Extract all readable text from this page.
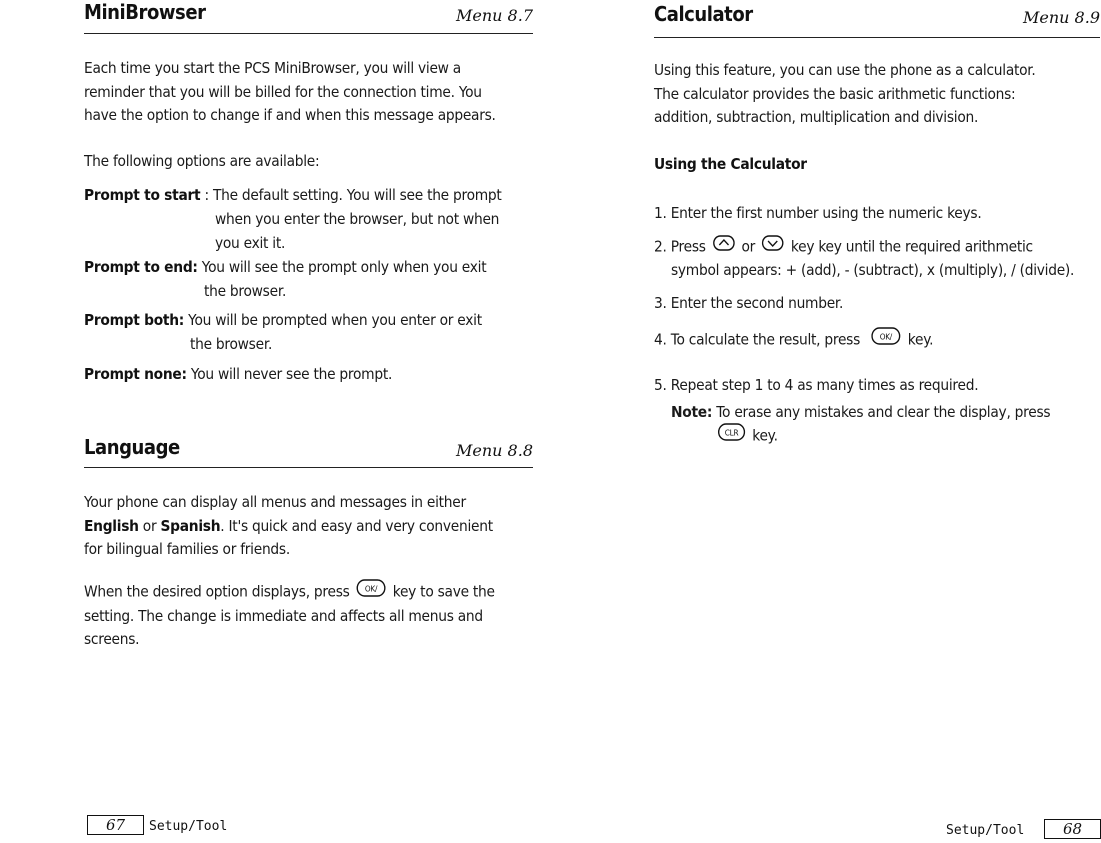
MiniBrowser	Menu 8.7
Each time you start the PCS MiniBrowser, you will view a
reminder that you will be billed for the connection time. You
have the option to change if and when this message appears.
The following options are available:
Prompt to start : The default setting. You will see the prompt
when you enter the browser, but not when
you exit it.
Prompt to end: You will see the prompt only when you exit
the browser.
Prompt both: You will be prompted when you enter or exit
the browser.
Prompt none: You will never see the prompt.
Language	Menu 8.8
Your phone can display all menus and messages in either
English or Spanish. It's quick and easy and very convenient
for bilingual families or friends.
When the desired option displays, press OK/ key to save the
setting. The change is immediate and affects all menus and
screens.
67	Setup/Tool
Calculator	Menu 8.9
Using this feature, you can use the phone as a calculator.
The calculator provides the basic arithmetic functions:
addition, subtraction, multiplication and division.
Using the Calculator
1. Enter the first number using the numeric keys.
2. Press or key key until the required arithmetic
symbol appears: + (add), - (subtract), x (multiply), / (divide).
3. Enter the second number.
4. To calculate the result, press	OK/ key.
5. Repeat step 1 to 4 as many times as required.
Note: To erase any mistakes and clear the display, press
CLR key.
Setup/Tool	68
